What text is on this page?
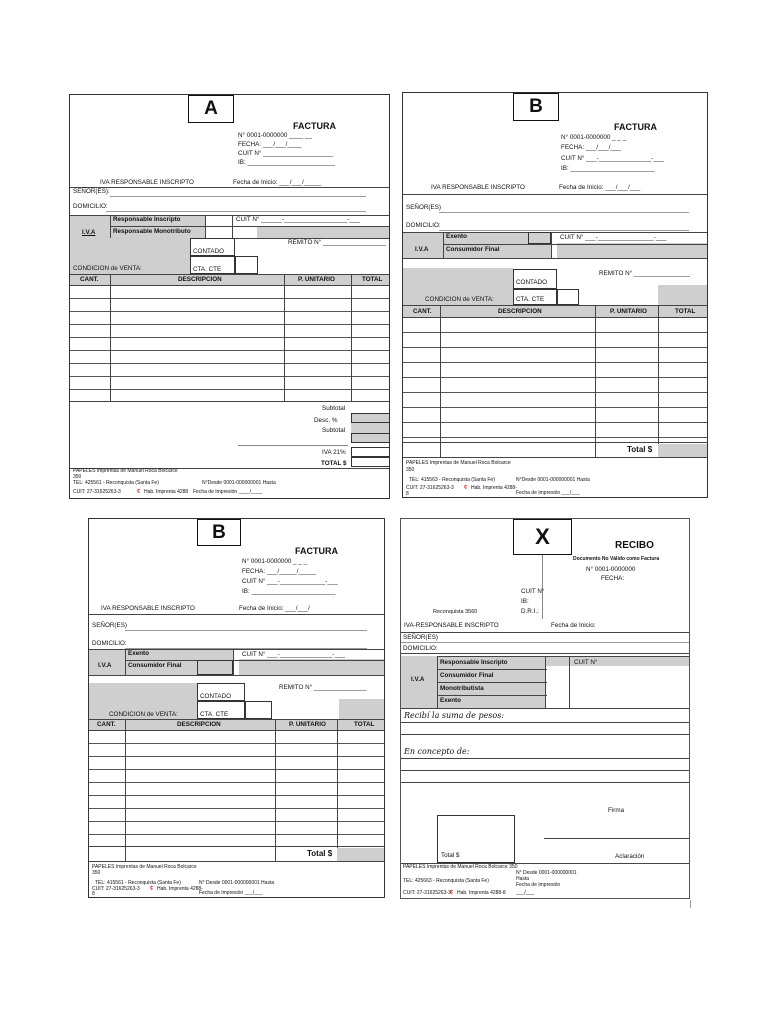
A
FACTURA
N° 0001-0000000 ____ __
FECHA: ___/___/____
CUIT N° ____________________
IB: _________________________
IVA RESPONSABLE INSCRIPTO	Fecha de Inicio: ___/___/_____
SEÑOR(ES):
DOMICILIO:
I.V.A
Responsable Inscripto
Responsable Monotributo
CUIT N° ______-__________________-___
REMITO N° __________________
CONTADO
CONDICION de VENTA:	CTA. CTE
CANT.	DESCRIPCION	P. UNITARIO	TOTAL
Subtotal
Desc. %
Subtotal
IVA 21%
TOTAL $
PAPELES Imprentas de Manuel Roca Bolcarce
350
TEL: 425561 - Reconquista (Santa Fe)	N°Desde 0001-000000001 Hasta
CUIT: 27-31625263-3	¢ Hab. Imprenta 4288 Fecha de Impresión ____/____
B
FACTURA
N° 0001-0000000 _ _ _
FECHA: ___/___/___
CUIT N° ___-_______________-___
IB: ________________________
IVA RESPONSABLE INSCRIPTO	Fecha de Inicio: ___/___/___
SEÑOR(ES)
DOMICILIO:
I.V.A
Exento
Consumidor Final
CUIT N° ___-________________-___
REMITO N° ________________
CONTADO
CONDICION de VENTA:	CTA. CTE
CANT.	DESCRIPCION	P. UNITARIO	TOTAL
Total $
PAPELES Imprentas de Manuel Roca Bolcarce
350
TEL: 415563 - Reconquista (Santa Fe)	N°Desde 0001-000000001 Hasta
CUIT: 27-31625263-3 ¢ Hab. Imprenta 4288-
8	Fecha de Impresión ___/___
B
FACTURA
N° 0001-0000000 _ _ _
FECHA: ___/_____/_____
CUIT N° ___-_____________-___
IB: ________________________
IVA RESPONSABLE INSCRIPTO	Fecha de Inicio: ___/___/
SEÑOR(ES)
DOMICILIO:
I.V.A
Exento
Consumidor Final
CUIT N° ___-_______________-___
REMITO N° _______________
CONTADO
CONDICION de VENTA:	CTA. CTE
CANT.	DESCRIPCION	P. UNITARIO	TOTAL
Total $
PAPELES Imprentas de Manuel Roca Bolcarce
350
TEL: 415561 - Reconquista (Santa Fe)	N° Desde 0001-000000001 Hasta
CUIT: 27-31625263-3 ¢ Hab. Imprenta 4288-
8	Fecha de Impresión ___/___
X	RECIBO
Documento No Válido como Factura
N° 0001-0000000
FECHA:
CUIT N°
IB:
D.R.I.:
Reconquista 3560
IVA-RESPONSABLE INSCRIPTO	Fecha de Inicio:
SEÑOR(ES)
DOMICILIO:
I.V.A
Responsable Inscripto
Consumidor Final
Monotributista
Exento
CUIT N°
Recibí la suma de pesos:
En concepto de:
Firma
Total $	Aclaración
PAPELES Imprentas de Manuel Roca Bolcarce 350
TEL: 425663 - Reconquista (Santa Fe)
CUIT: 27-31625263-3 ¢ Hab. Imprenta 4288-8
N° Desde 0001-000000001
Hasta
Fecha de Impresión
___/___
